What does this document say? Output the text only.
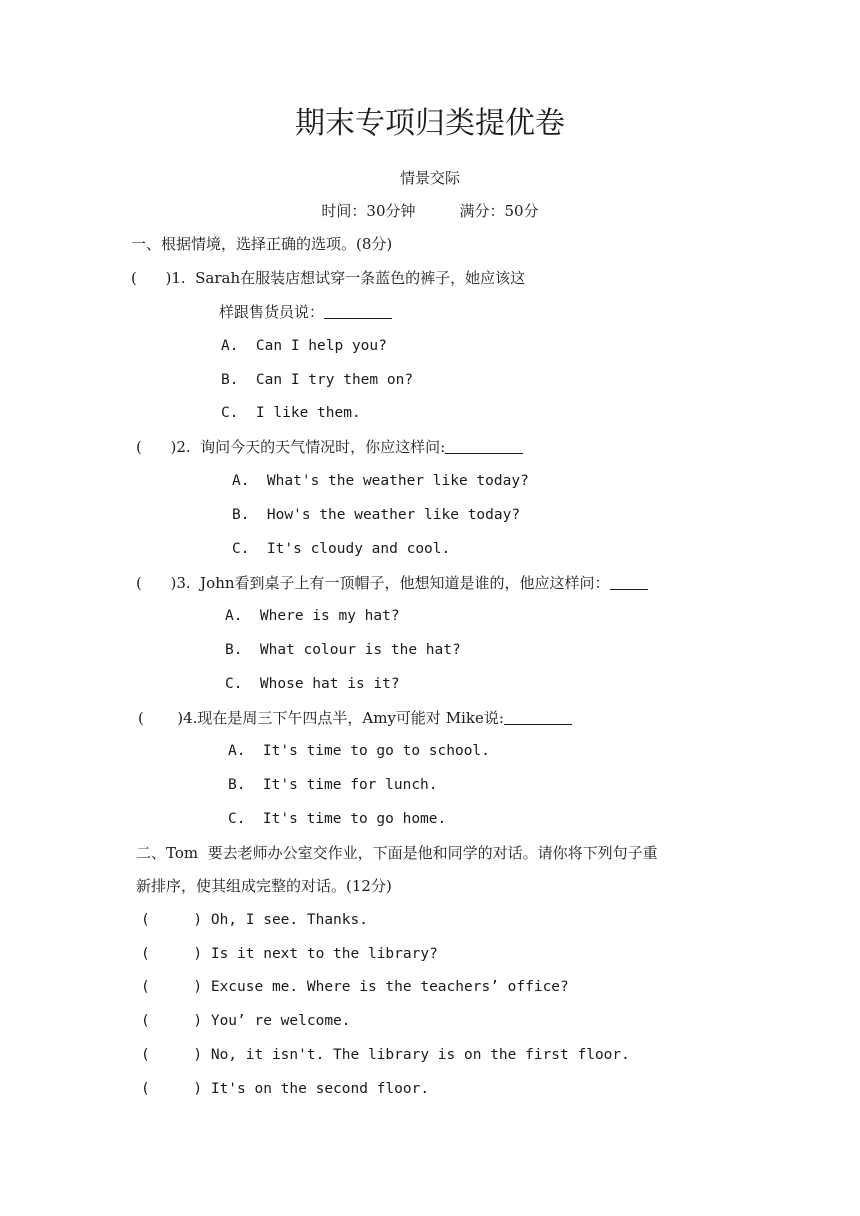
期末专项归类提优卷
情景交际
时间：30分钟	满分：50分
一、根据情境，选择正确的选项。(8分)
(      )1.  Sarah在服装店想试穿一条蓝色的裤子，她应该这
样跟售货员说：
A.  Can I help you?
B.  Can I try them on?
C.  I like them.
(      )2.  询问今天的天气情况时，你应这样问:
A.  What's the weather like today?
B.  How's the weather like today?
C.  It's cloudy and cool.
(      )3.  John看到桌子上有一顶帽子，他想知道是谁的，他应这样问：
A.  Where is my hat?
B.  What colour is the hat?
C.  Whose hat is it?
(       )4.现在是周三下午四点半，Amy可能对 Mike说:
A.  It's time to go to school.
B.  It's time for lunch.
C.  It's time to go home.
二、Tom  要去老师办公室交作业，下面是他和同学的对话。请你将下列句子重
新排序，使其组成完整的对话。(12分)
(     ) Oh, I see. Thanks.
(     ) Is it next to the library?
(     ) Excuse me. Where is the teachers’ office?
(     ) You’ re welcome.
(     ) No, it isn't. The library is on the first floor.
(     ) It's on the second floor.
